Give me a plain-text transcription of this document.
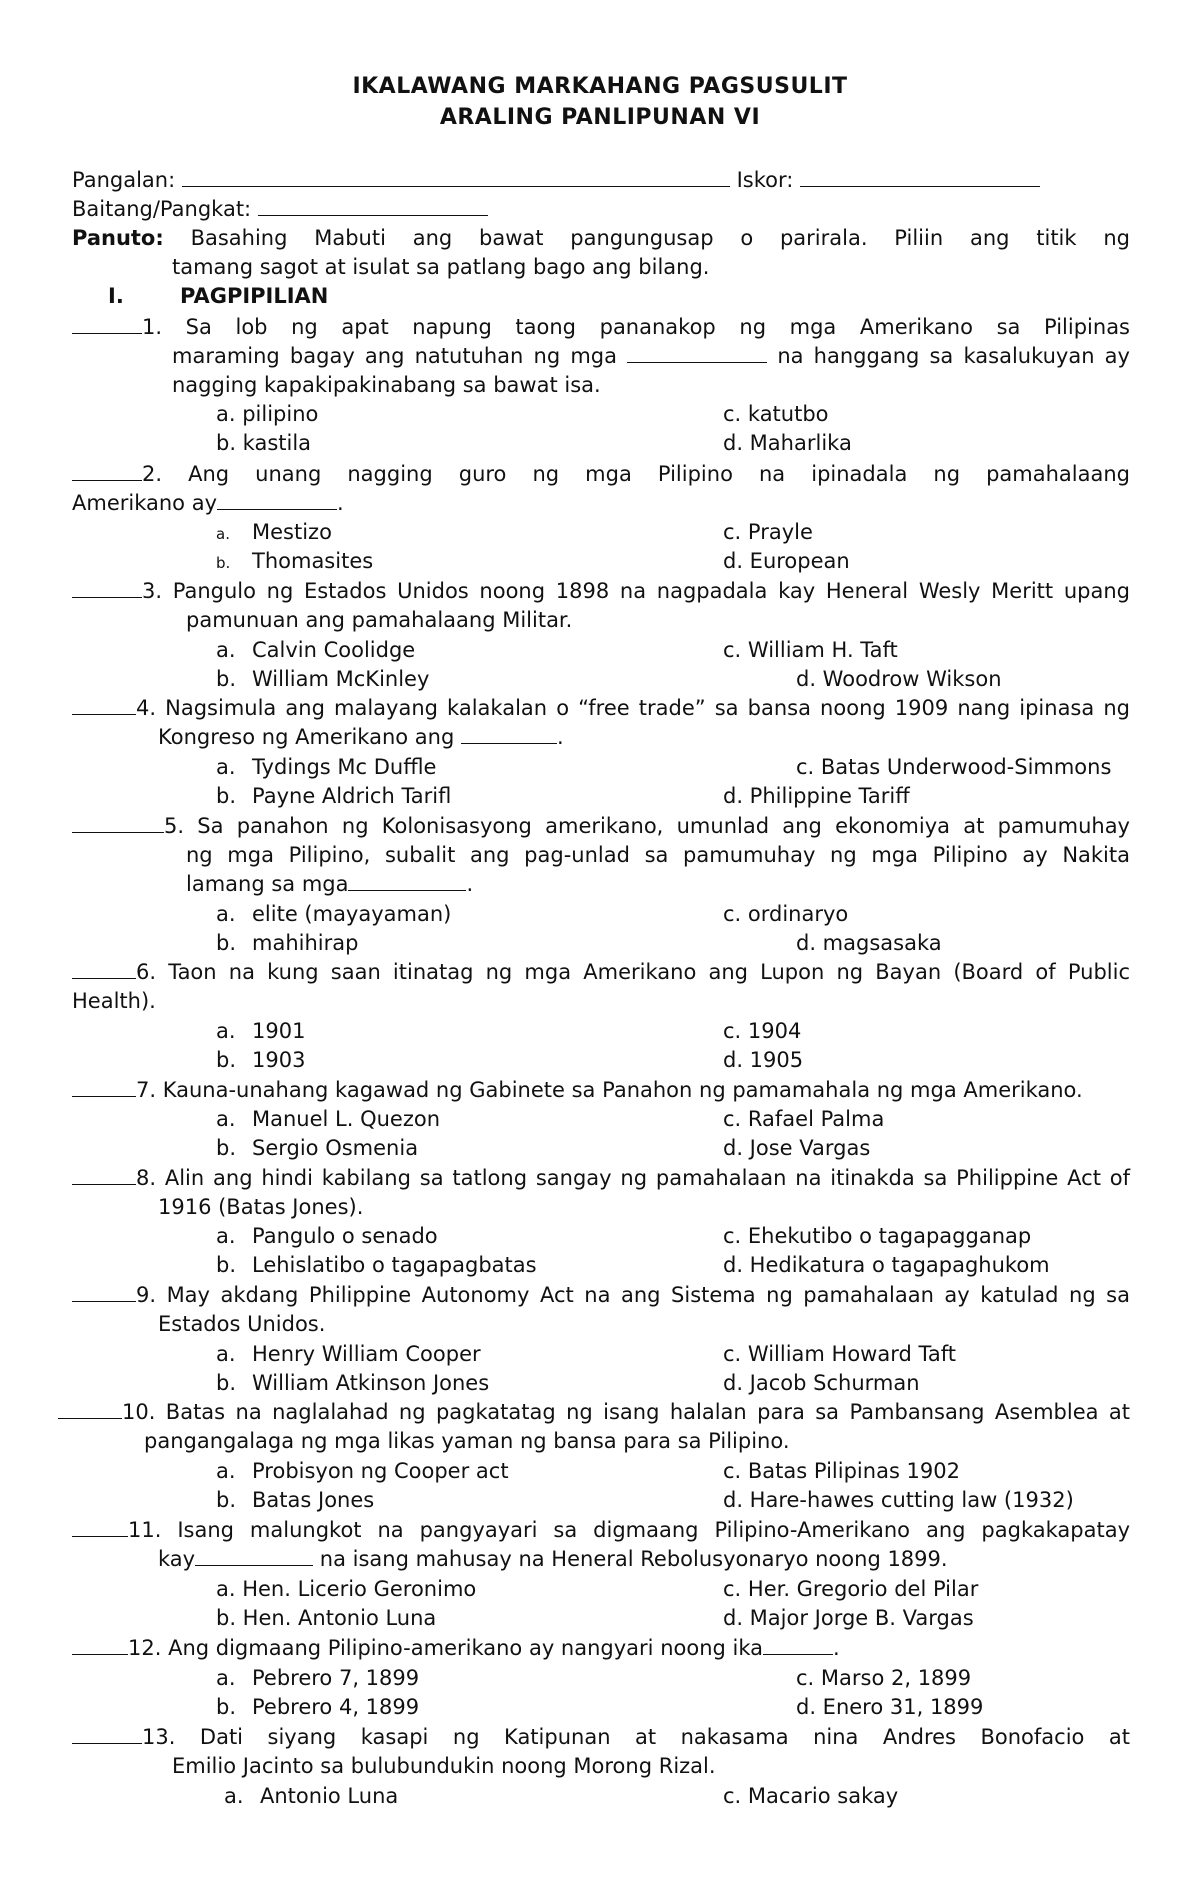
IKALAWANG MARKAHANG PAGSUSULIT
ARALING PANLIPUNAN VI
Pangalan:	Iskor:
Baitang/Pangkat:
Panuto: Basahing Mabuti ang bawat pangungusap o parirala. Piliin ang titik ng
tamang sagot at isulat sa patlang bago ang bilang.
I.	PAGPIPILIAN
1. Sa lob ng apat napung taong pananakop ng mga Amerikano sa Pilipinas
maraming bagay ang natutuhan ng mga	na hanggang sa kasalukuyan ay
nagging kapakipakinabang sa bawat isa.
a. pilipino	c. katutbo
b. kastila	d. Maharlika
2. Ang unang nagging guro ng mga Pilipino na ipinadala ng pamahalaang
Amerikano ay	.
a. Mestizo	c. Prayle
b. Thomasites	d. European
3. Pangulo ng Estados Unidos noong 1898 na nagpadala kay Heneral Wesly Meritt upang
pamunuan ang pamahalaang Militar.
a. Calvin Coolidge	c. William H. Taft
b. William McKinley	d. Woodrow Wikson
4. Nagsimula ang malayang kalakalan o “free trade” sa bansa noong 1909 nang ipinasa ng
Kongreso ng Amerikano ang	.
a. Tydings Mc Duffle	c. Batas Underwood-Simmons
b. Payne Aldrich Tarifl	d. Philippine Tariff
5. Sa panahon ng Kolonisasyong amerikano, umunlad ang ekonomiya at pamumuhay
ng mga Pilipino, subalit ang pag-unlad sa pamumuhay ng mga Pilipino ay Nakita
lamang sa mga	.
a. elite (mayayaman)	c. ordinaryo
b. mahihirap	d. magsasaka
6. Taon na kung saan itinatag ng mga Amerikano ang Lupon ng Bayan (Board of Public
Health).
a. 1901	c. 1904
b. 1903	d. 1905
7. Kauna-unahang kagawad ng Gabinete sa Panahon ng pamamahala ng mga Amerikano.
a. Manuel L. Quezon	c. Rafael Palma
b. Sergio Osmenia	d. Jose Vargas
8. Alin ang hindi kabilang sa tatlong sangay ng pamahalaan na itinakda sa Philippine Act of
1916 (Batas Jones).
a. Pangulo o senado	c. Ehekutibo o tagapagganap
b. Lehislatibo o tagapagbatas	d. Hedikatura o tagapaghukom
9. May akdang Philippine Autonomy Act na ang Sistema ng pamahalaan ay katulad ng sa
Estados Unidos.
a. Henry William Cooper	c. William Howard Taft
b. William Atkinson Jones	d. Jacob Schurman
10. Batas na naglalahad ng pagkatatag ng isang halalan para sa Pambansang Asemblea at
pangangalaga ng mga likas yaman ng bansa para sa Pilipino.
a. Probisyon ng Cooper act	c. Batas Pilipinas 1902
b. Batas Jones	d. Hare-hawes cutting law (1932)
11. Isang malungkot na pangyayari sa digmaang Pilipino-Amerikano ang pagkakapatay
kay	na isang mahusay na Heneral Rebolusyonaryo noong 1899.
a. Hen. Licerio Geronimo	c. Her. Gregorio del Pilar
b. Hen. Antonio Luna	d. Major Jorge B. Vargas
12. Ang digmaang Pilipino-amerikano ay nangyari noong ika	.
a. Pebrero 7, 1899	c. Marso 2, 1899
b. Pebrero 4, 1899	d. Enero 31, 1899
13. Dati siyang kasapi ng Katipunan at nakasama nina Andres Bonofacio at
Emilio Jacinto sa bulubundukin noong Morong Rizal.
a. Antonio Luna	c. Macario sakay
